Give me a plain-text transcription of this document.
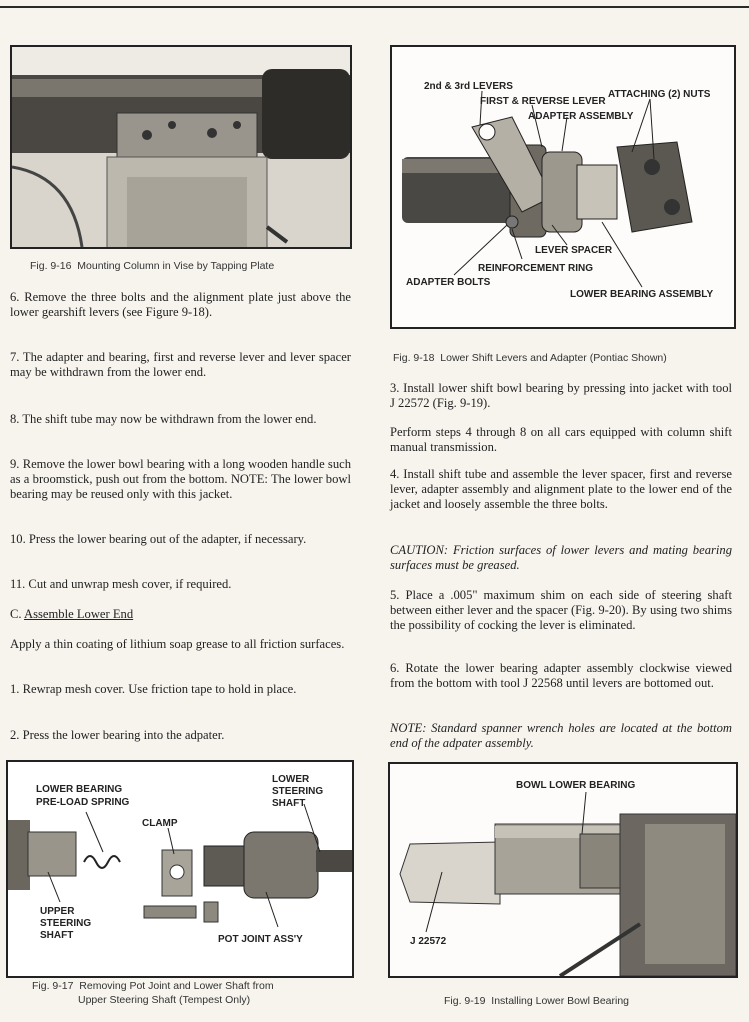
Fig. 9-16  Mounting Column in Vise by Tapping Plate
2nd & 3rd LEVERS
FIRST & REVERSE LEVER
ATTACHING (2) NUTS
ADAPTER ASSEMBLY
LEVER SPACER
REINFORCEMENT RING
ADAPTER BOLTS
LOWER BEARING ASSEMBLY
Fig. 9-18  Lower Shift Levers and Adapter (Pontiac Shown)
6. Remove the three bolts and the alignment plate just above the lower gearshift levers (see Figure 9-18).
7. The adapter and bearing, first and reverse lever and lever spacer may be withdrawn from the lower end.
8. The shift tube may now be withdrawn from the lower end.
9. Remove the lower bowl bearing with a long wooden handle such as a broomstick, push out from the bottom. NOTE: The lower bowl bearing may be reused only with this jacket.
10. Press the lower bearing out of the adapter, if necessary.
11. Cut and unwrap mesh cover, if required.
C. Assemble Lower End
Apply a thin coating of lithium soap grease to all friction surfaces.
1. Rewrap mesh cover. Use friction tape to hold in place.
2. Press the lower bearing into the adpater.
3. Install lower shift bowl bearing by pressing into jacket with tool J 22572 (Fig. 9-19).
Perform steps 4 through 8 on all cars equipped with column shift manual transmission.
4. Install shift tube and assemble the lever spacer, first and reverse lever, adapter assembly and alignment plate to the lower end of the jacket and loosely assemble the three bolts.
CAUTION: Friction surfaces of lower levers and mating bearing surfaces must be greased.
5. Place a .005" maximum shim on each side of steering shaft between either lever and the spacer (Fig. 9-20). By using two shims the possibility of cocking the lever is eliminated.
6. Rotate the lower bearing adapter assembly clockwise viewed from the bottom with tool J 22568 until levers are bottomed out.
NOTE: Standard spanner wrench holes are located at the bottom end of the adpater assembly.
LOWER BEARING
PRE-LOAD SPRING
LOWER
STEERING
SHAFT
CLAMP
UPPER
STEERING
SHAFT	POT JOINT ASS'Y
Fig. 9-17  Removing Pot Joint and Lower Shaft from
Upper Steering Shaft (Tempest Only)
BOWL LOWER BEARING
J 22572
Fig. 9-19  Installing Lower Bowl Bearing
